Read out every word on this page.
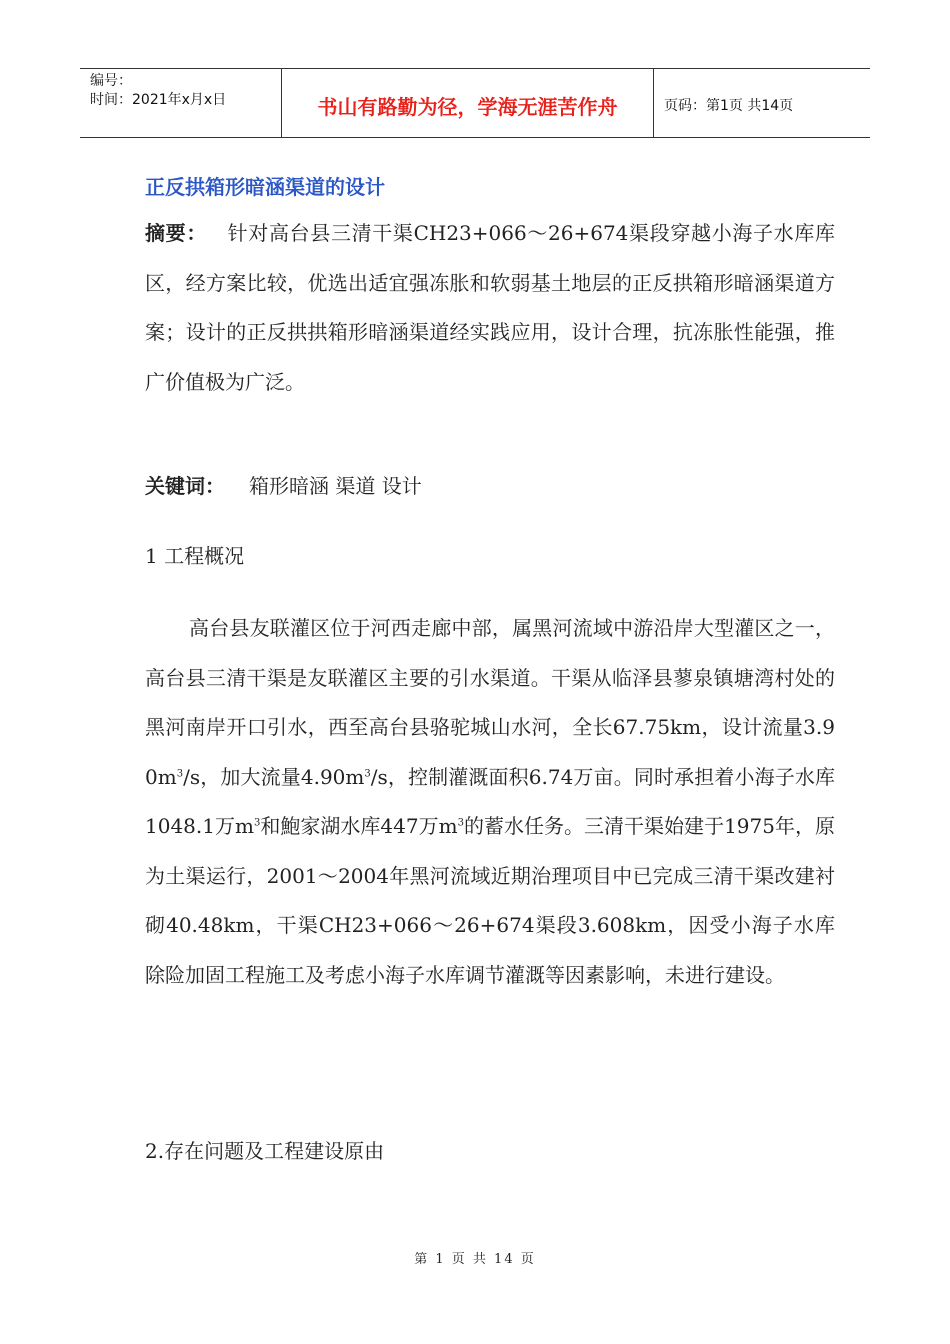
编号：
时间：2021年x月x日	书山有路勤为径，学海无涯苦作舟	页码：第1页 共14页
正反拱箱形暗涵渠道的设计

摘要：  针对高台县三清干渠CH23+066～26+674渠段穿越小海子水库库区，经方案比较，优选出适宜强冻胀和软弱基土地层的正反拱箱形暗涵渠道方案；设计的正反拱拱箱形暗涵渠道经实践应用，设计合理，抗冻胀性能强，推广价值极为广泛。

关键词： 箱形暗涵 渠道 设计
1 工程概况

高台县友联灌区位于河西走廊中部，属黑河流域中游沿岸大型灌区之一，高台县三清干渠是友联灌区主要的引水渠道。干渠从临泽县蓼泉镇塘湾村处的黑河南岸开口引水，西至高台县骆驼城山水河，全长67.75km，设计流量$3.90m^3/s$，加大流量$4.90m^3/s$，控制灌溉面积6.74万亩。同时承担着小海子水库1048.1万$m^3$和鮑家湖水库447万$m^3$的蓄水任务。三清干渠始建于1975年，原为土渠运行，2001～2004年黑河流域近期治理项目中已完成三清干渠改建衬砌40.48km，干渠CH23+066～26+674渠段3.608km，因受小海子水库除险加固工程施工及考虑小海子水库调节灌溉等因素影响，未进行建设。

2.存在问题及工程建设原由
第 1 页 共 14 页
